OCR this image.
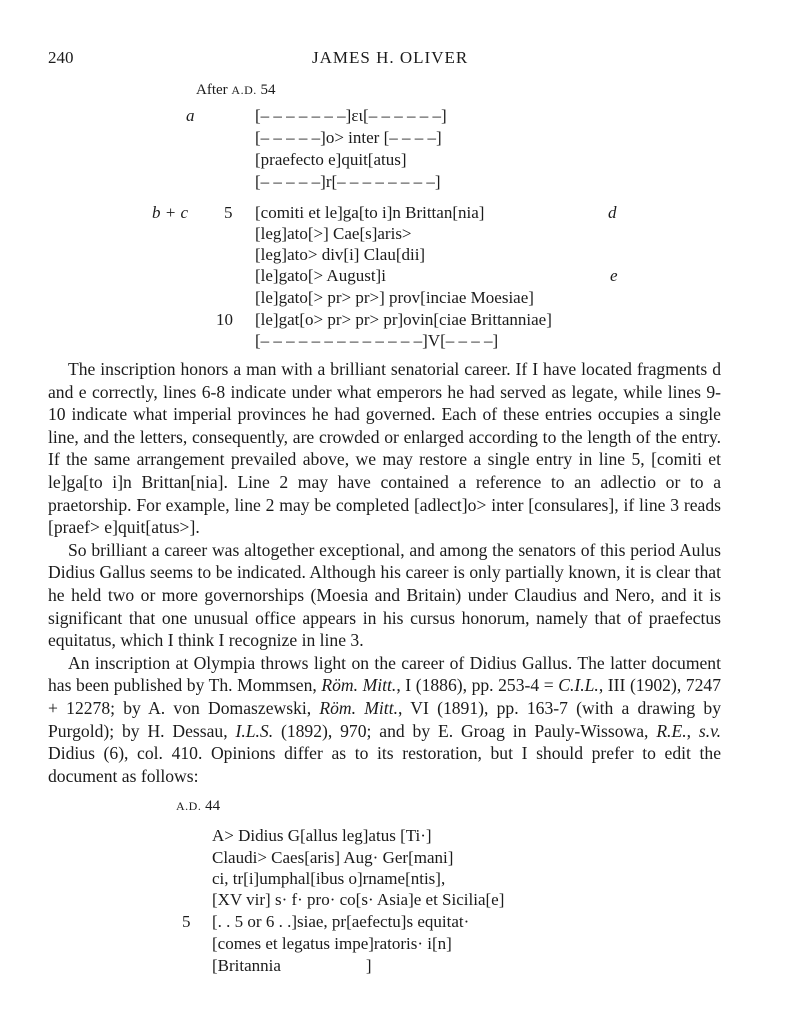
240	JAMES H. OLIVER
After A.D. 54
a
b + c	d
e
5
10
[– – – – – – –]ει[– – – – – –]
[– – – – –]o> inter [– – – –]
[praefecto e]quit[atus]
[– – – – –]r[– – – – – – – –]
[comiti et le]ga[to i]n Brittan[nia]
[leg]ato[>] Cae[s]aris>
[leg]ato> div[i] Clau[dii]
[le]gato[> August]i
[le]gato[> pr> pr>] prov[inciae Moesiae]
[le]gat[o> pr> pr> pr]ovin[ciae Brittanniae]
[– – – – – – – – – – – – –]V[– – – –]

The inscription honors a man with a brilliant senatorial career. If I have located fragments d and e correctly, lines 6-8 indicate under what emperors he had served as legate, while lines 9-10 indicate what imperial provinces he had governed. Each of these entries occupies a single line, and the letters, consequently, are crowded or enlarged according to the length of the entry. If the same arrangement prevailed above, we may restore a single entry in line 5, [comiti et le]ga[to i]n Brittan[nia]. Line 2 may have contained a reference to an adlectio or to a praetorship. For example, line 2 may be completed [adlect]o> inter [consulares], if line 3 reads [praef> e]quit[atus>].

So brilliant a career was altogether exceptional, and among the senators of this period Aulus Didius Gallus seems to be indicated. Although his career is only partially known, it is clear that he held two or more governorships (Moesia and Britain) under Claudius and Nero, and it is significant that one unusual office appears in his cursus honorum, namely that of praefectus equitatus, which I think I recognize in line 3.

An inscription at Olympia throws light on the career of Didius Gallus. The latter document has been published by Th. Mommsen, Röm. Mitt., I (1886), pp. 253-4 = C.I.L., III (1902), 7247 + 12278; by A. von Domaszewski, Röm. Mitt., VI (1891), pp. 163-7 (with a drawing by Purgold); by H. Dessau, I.L.S. (1892), 970; and by E. Groag in Pauly-Wissowa, R.E., s.v. Didius (6), col. 410. Opinions differ as to its restoration, but I should prefer to edit the document as follows:

A.D. 44
5
A> Didius G[allus leg]atus [Ti·]
Claudi> Caes[aris] Aug· Ger[mani]
ci, tr[i]umphal[ibus o]rname[ntis],
[XV vir] s· f· pro· co[s· Asia]e et Sicilia[e]
[. . 5 or 6 . .]siae, pr[aefectu]s equitat·
[comes et legatus impe]ratoris· i[n]
[Britannia                    ]
